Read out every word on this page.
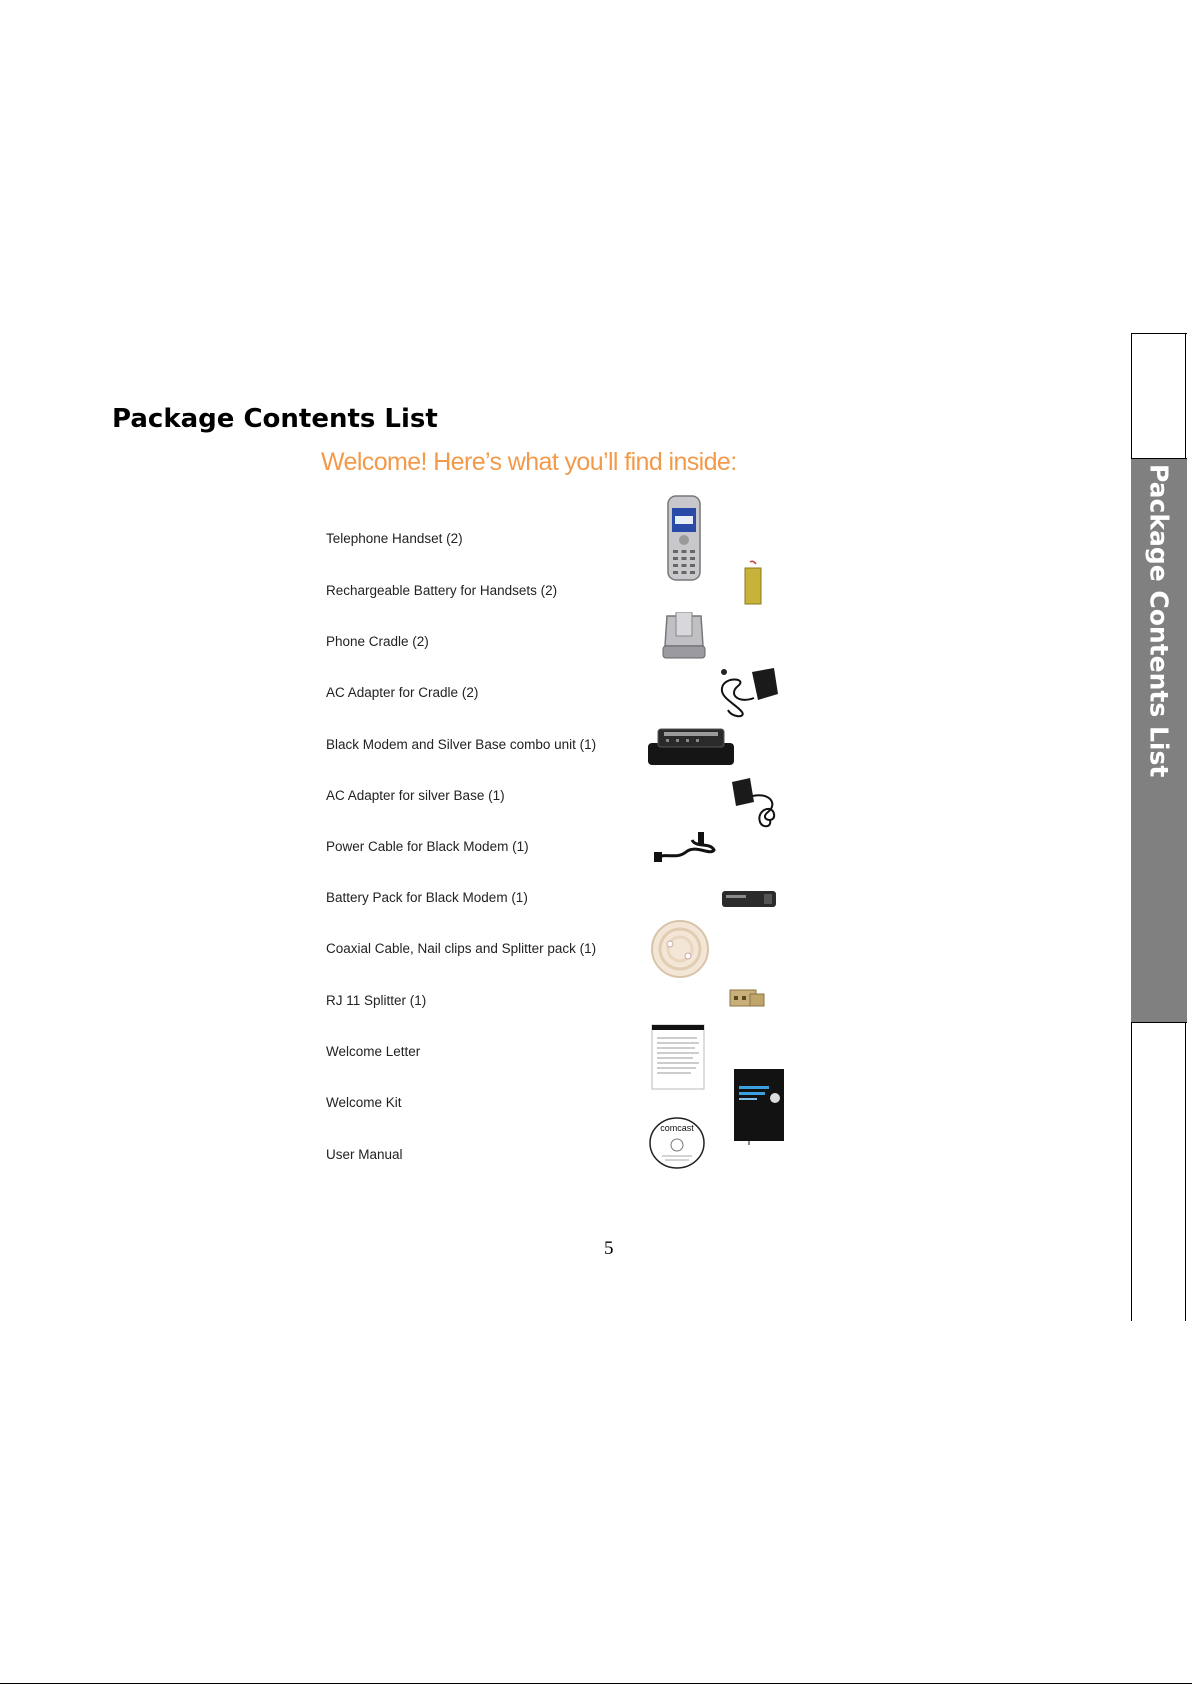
Package Contents List
Welcome! Here’s what you’ll find inside:
Telephone Handset (2)
Rechargeable Battery for Handsets (2)
Phone Cradle (2)
AC Adapter for Cradle (2)
Black Modem and Silver Base combo unit (1)
AC Adapter for silver Base (1)
Power Cable for Black Modem (1)
Battery Pack for Black Modem (1)
Coaxial Cable, Nail clips and Splitter pack (1)
RJ 11 Splitter (1)
Welcome Letter
Welcome Kit
User Manual
comcast
5
Package Contents List
